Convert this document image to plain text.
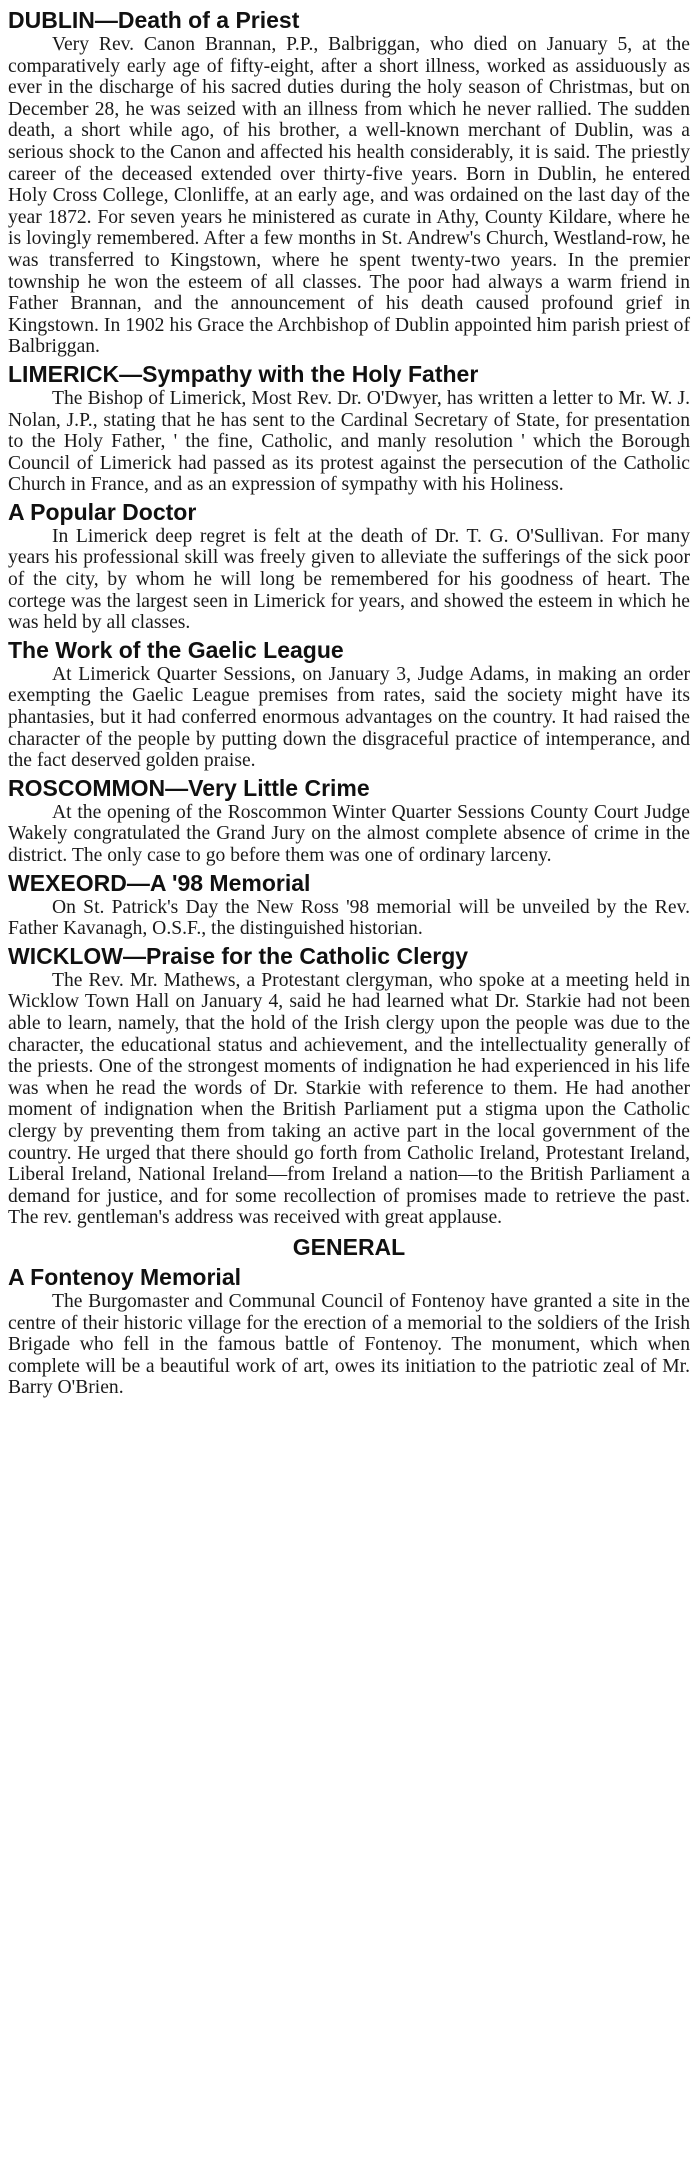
DUBLIN—Death of a Priest

Very Rev. Canon Brannan, P.P., Balbriggan, who died on January 5, at the comparatively early age of fifty-eight, after a short illness, worked as assiduously as ever in the discharge of his sacred duties during the holy season of Christmas, but on December 28, he was seized with an illness from which he never rallied. The sudden death, a short while ago, of his brother, a well-known merchant of Dublin, was a serious shock to the Canon and affected his health considerably, it is said. The priestly career of the deceased extended over thirty-five years. Born in Dublin, he entered Holy Cross College, Clonliffe, at an early age, and was ordained on the last day of the year 1872. For seven years he ministered as curate in Athy, County Kildare, where he is lovingly remembered. After a few months in St. Andrew's Church, Westland-row, he was transferred to Kingstown, where he spent twenty-two years. In the premier township he won the esteem of all classes. The poor had always a warm friend in Father Brannan, and the announcement of his death caused profound grief in Kingstown. In 1902 his Grace the Archbishop of Dublin appointed him parish priest of Balbriggan.

LIMERICK—Sympathy with the Holy Father

The Bishop of Limerick, Most Rev. Dr. O'Dwyer, has written a letter to Mr. W. J. Nolan, J.P., stating that he has sent to the Cardinal Secretary of State, for presentation to the Holy Father, ' the fine, Catholic, and manly resolution ' which the Borough Council of Limerick had passed as its protest against the persecution of the Catholic Church in France, and as an expression of sympathy with his Holiness.

A Popular Doctor

In Limerick deep regret is felt at the death of Dr. T. G. O'Sullivan. For many years his professional skill was freely given to alleviate the sufferings of the sick poor of the city, by whom he will long be remembered for his goodness of heart. The cortege was the largest seen in Limerick for years, and showed the esteem in which he was held by all classes.

The Work of the Gaelic League

At Limerick Quarter Sessions, on January 3, Judge Adams, in making an order exempting the Gaelic League premises from rates, said the society might have its phantasies, but it had conferred enormous advantages on the country. It had raised the character of the people by putting down the disgraceful practice of intemperance, and the fact deserved golden praise.

ROSCOMMON—Very Little Crime

At the opening of the Roscommon Winter Quarter Sessions County Court Judge Wakely congratulated the Grand Jury on the almost complete absence of crime in the district. The only case to go before them was one of ordinary larceny.

WEXEORD—A '98 Memorial

On St. Patrick's Day the New Ross '98 memorial will be unveiled by the Rev. Father Kavanagh, O.S.F., the distinguished historian.

WICKLOW—Praise for the Catholic Clergy

The Rev. Mr. Mathews, a Protestant clergyman, who spoke at a meeting held in Wicklow Town Hall on January 4, said he had learned what Dr. Starkie had not been able to learn, namely, that the hold of the Irish clergy upon the people was due to the character, the educational status and achievement, and the intellectuality generally of the priests. One of the strongest moments of indignation he had experienced in his life was when he read the words of Dr. Starkie with reference to them. He had another moment of indignation when the British Parliament put a stigma upon the Catholic clergy by preventing them from taking an active part in the local government of the country. He urged that there should go forth from Catholic Ireland, Protestant Ireland, Liberal Ireland, National Ireland—from Ireland a nation—to the British Parliament a demand for justice, and for some recollection of promises made to retrieve the past. The rev. gentleman's address was received with great applause.

GENERAL
A Fontenoy Memorial

The Burgomaster and Communal Council of Fontenoy have granted a site in the centre of their historic village for the erection of a memorial to the soldiers of the Irish Brigade who fell in the famous battle of Fontenoy. The monument, which when complete will be a beautiful work of art, owes its initiation to the patriotic zeal of Mr. Barry O'Brien.
